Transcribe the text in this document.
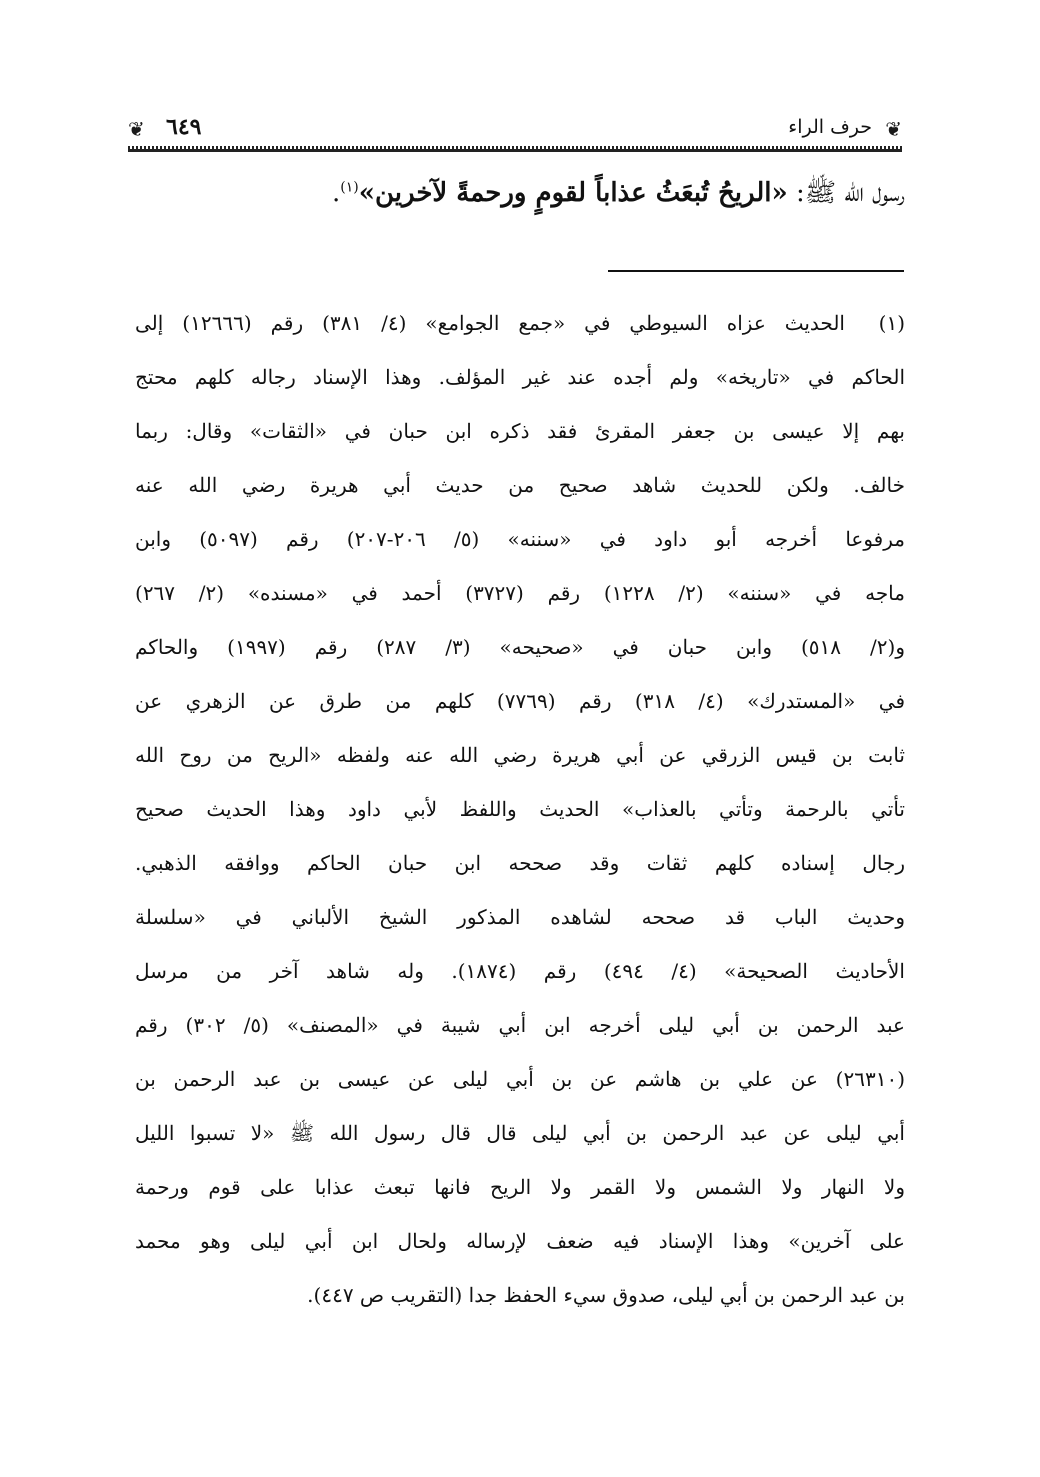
❦ ٦٤٩	حرف الراء ❦
رسول الله ﷺ: «الريحُ تُبعَثُ عذاباً لقومٍ ورحمةً لآخرين»$^{(١)}$.
(١)
الحديث عزاه السيوطي في «جمع الجوامع» (٤/ ٣٨١) رقم (١٢٦٦٦) إلى
الحاكم في «تاريخه» ولم أجده عند غير المؤلف. وهذا الإسناد رجاله كلهم محتج
بهم إلا عيسى بن جعفر المقرئ فقد ذكره ابن حبان في «الثقات» وقال: ربما
خالف. ولكن للحديث شاهد صحيح من حديث أبي هريرة رضي الله عنه
مرفوعا أخرجه أبو داود في «سننه» (٥/ ٢٠٦-٢٠٧) رقم (٥٠٩٧) وابن
ماجه في «سننه» (٢/ ١٢٢٨) رقم (٣٧٢٧) أحمد في «مسنده» (٢/ ٢٦٧)
و(٢/ ٥١٨) وابن حبان في «صحيحه» (٣/ ٢٨٧) رقم (١٩٩٧) والحاكم
في «المستدرك» (٤/ ٣١٨) رقم (٧٧٦٩) كلهم من طرق عن الزهري عن
ثابت بن قيس الزرقي عن أبي هريرة رضي الله عنه ولفظه «الريح من روح الله
تأتي بالرحمة وتأتي بالعذاب» الحديث واللفظ لأبي داود وهذا الحديث صحيح
رجال إسناده كلهم ثقات وقد صححه ابن حبان الحاكم ووافقه الذهبي.
وحديث الباب قد صححه لشاهده المذكور الشيخ الألباني في «سلسلة
الأحاديث الصحيحة» (٤/ ٤٩٤) رقم (١٨٧٤). وله شاهد آخر من مرسل
عبد الرحمن بن أبي ليلى أخرجه ابن أبي شيبة في «المصنف» (٥/ ٣٠٢) رقم
(٢٦٣١٠) عن علي بن هاشم عن بن أبي ليلى عن عيسى بن عبد الرحمن بن
أبي ليلى عن عبد الرحمن بن أبي ليلى قال قال رسول الله ﷺ «لا تسبوا الليل
ولا النهار ولا الشمس ولا القمر ولا الريح فانها تبعث عذابا على قوم ورحمة
على آخرين» وهذا الإسناد فيه ضعف لإرساله ولحال ابن أبي ليلى وهو محمد
بن عبد الرحمن بن أبي ليلى، صدوق سيء الحفظ جدا (التقريب ص ٤٤٧).
